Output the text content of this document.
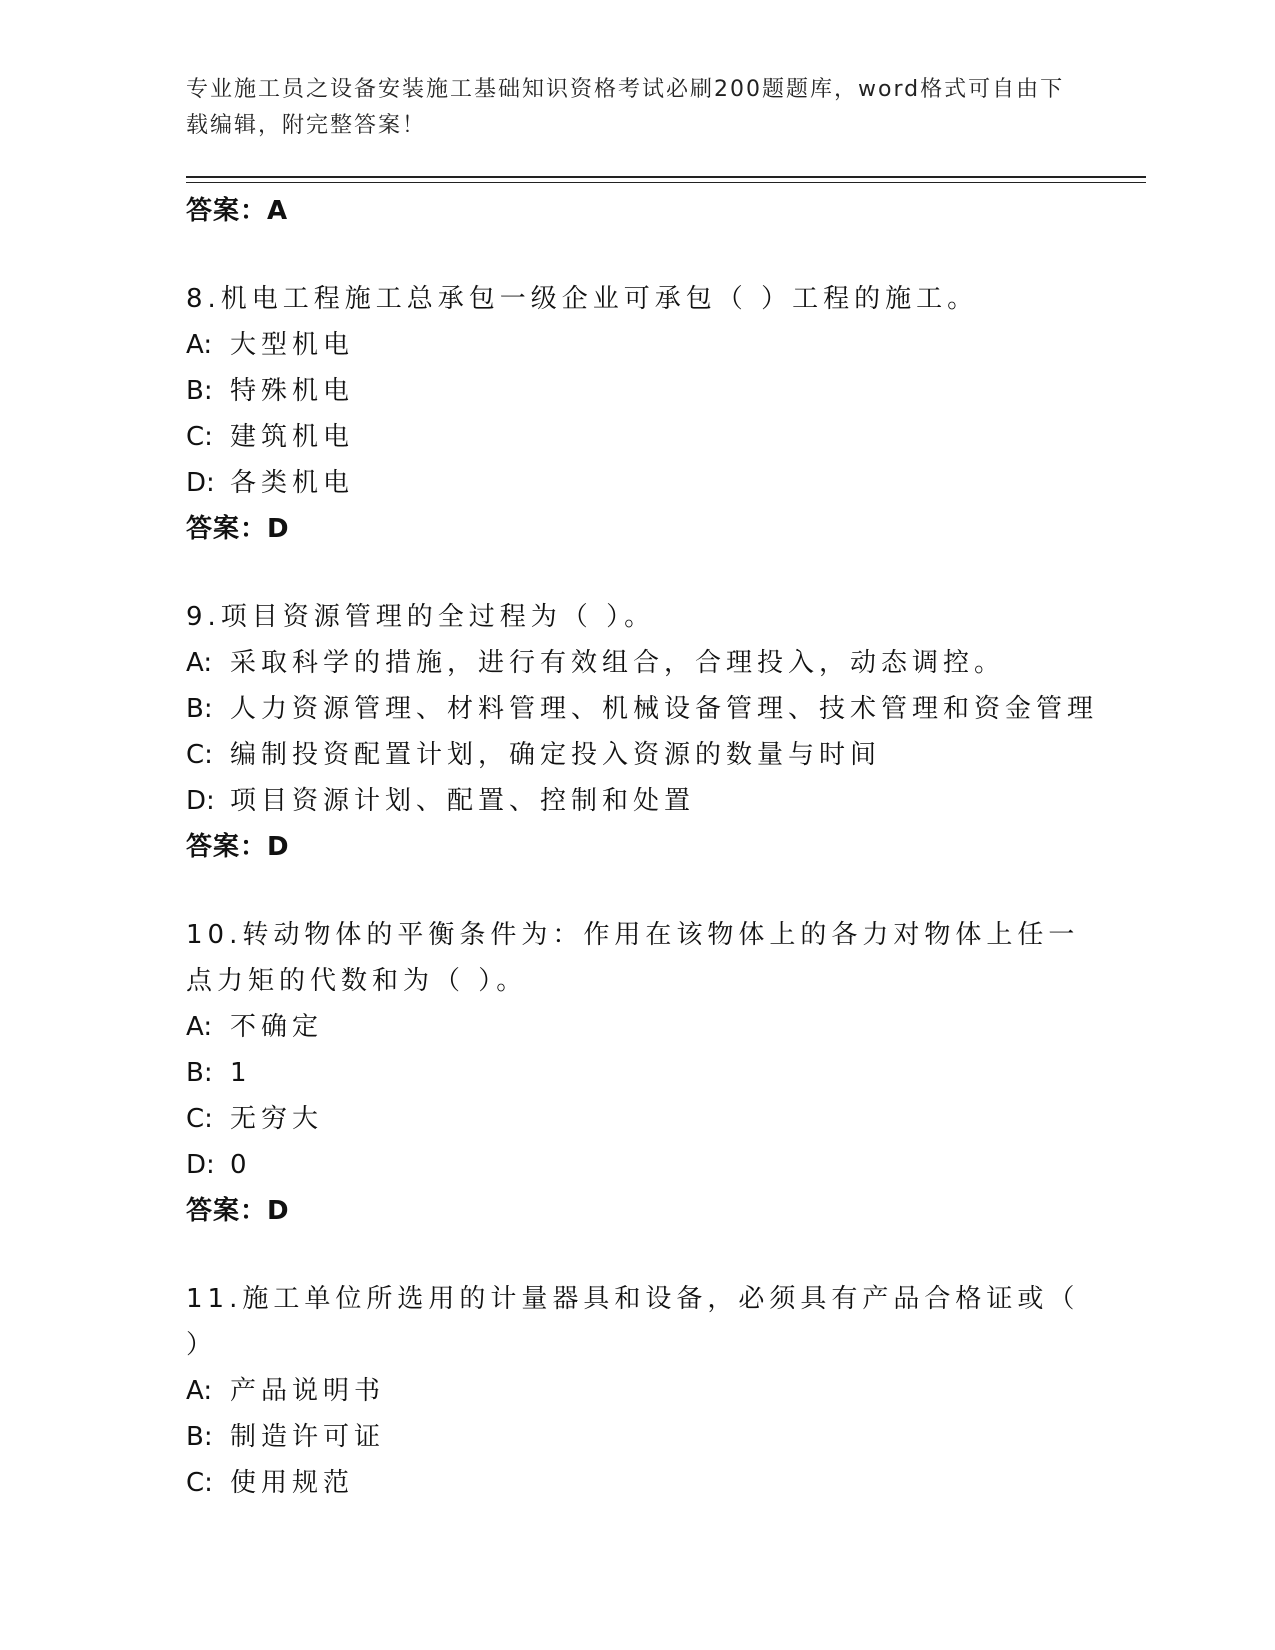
专业施工员之设备安装施工基础知识资格考试必刷200题题库，word格式可自由下载编辑，附完整答案！
答案：A
8.机电工程施工总承包一级企业可承包（ ）工程的施工。
A: 大型机电
B: 特殊机电
C: 建筑机电
D: 各类机电
答案：D
9.项目资源管理的全过程为（ ）。
A: 采取科学的措施，进行有效组合，合理投入，动态调控。
B: 人力资源管理、材料管理、机械设备管理、技术管理和资金管理
C: 编制投资配置计划，确定投入资源的数量与时间
D: 项目资源计划、配置、控制和处置
答案：D
10.转动物体的平衡条件为：作用在该物体上的各力对物体上任一点力矩的代数和为（ ）。
A: 不确定
B: 1
C: 无穷大
D: 0
答案：D
11.施工单位所选用的计量器具和设备，必须具有产品合格证或（ ）
A: 产品说明书
B: 制造许可证
C: 使用规范
